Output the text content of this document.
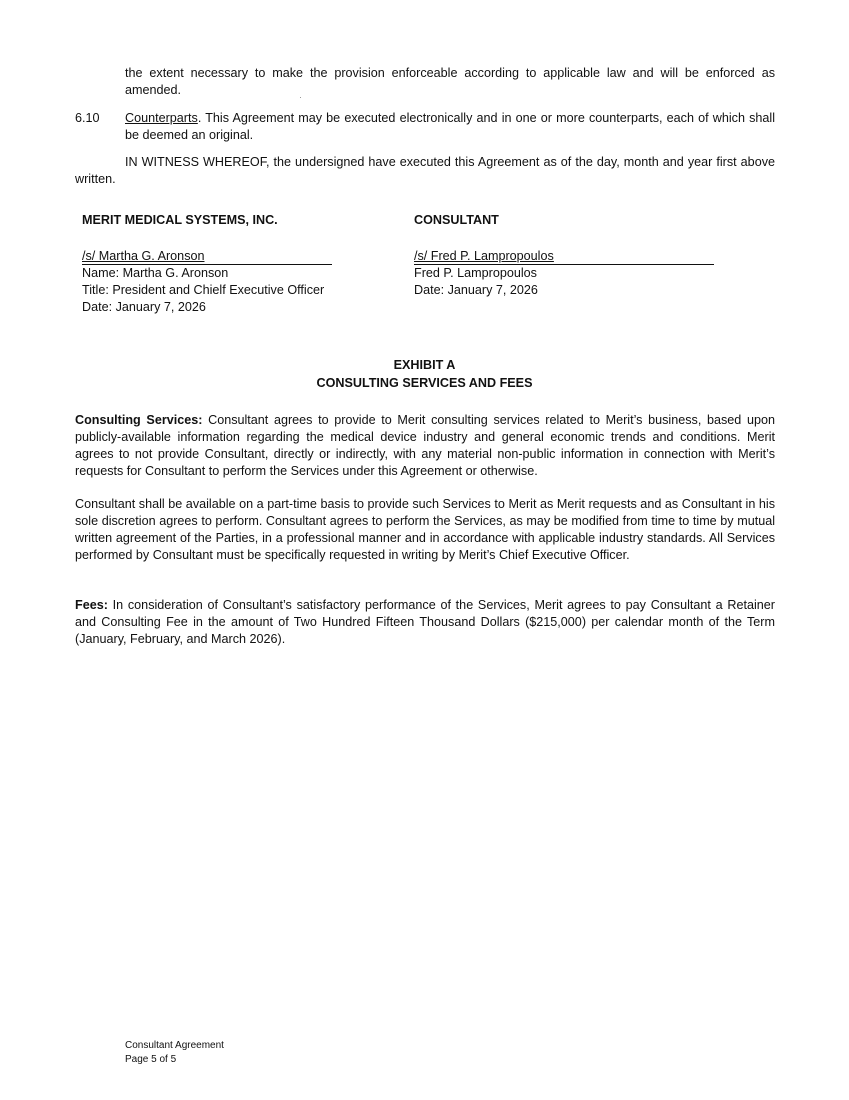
the extent necessary to make the provision enforceable according to applicable law and will be enforced as amended.

6.10 Counterparts. This Agreement may be executed electronically and in one or more counterparts, each of which shall be deemed an original.

IN WITNESS WHEREOF, the undersigned have executed this Agreement as of the day, month and year first above written.

MERIT MEDICAL SYSTEMS, INC.
/s/ Martha G. Aronson
Name: Martha G. Aronson
Title: President and Chielf Executive Officer
Date: January 7, 2026
CONSULTANT
/s/ Fred P. Lampropoulos
Fred P. Lampropoulos
Date: January 7, 2026
EXHIBIT A
CONSULTING SERVICES AND FEES

Consulting Services: Consultant agrees to provide to Merit consulting services related to Merit’s business, based upon publicly-available information regarding the medical device industry and general economic trends and conditions. Merit agrees to not provide Consultant, directly or indirectly, with any material non-public information in connection with Merit’s requests for Consultant to perform the Services under this Agreement or otherwise.

Consultant shall be available on a part-time basis to provide such Services to Merit as Merit requests and as Consultant in his sole discretion agrees to perform. Consultant agrees to perform the Services, as may be modified from time to time by mutual written agreement of the Parties, in a professional manner and in accordance with applicable industry standards. All Services performed by Consultant must be specifically requested in writing by Merit’s Chief Executive Officer.

Fees: In consideration of Consultant’s satisfactory performance of the Services, Merit agrees to pay Consultant a Retainer and Consulting Fee in the amount of Two Hundred Fifteen Thousand Dollars ($215,000) per calendar month of the Term (January, February, and March 2026).

Consultant Agreement
Page 5 of 5
